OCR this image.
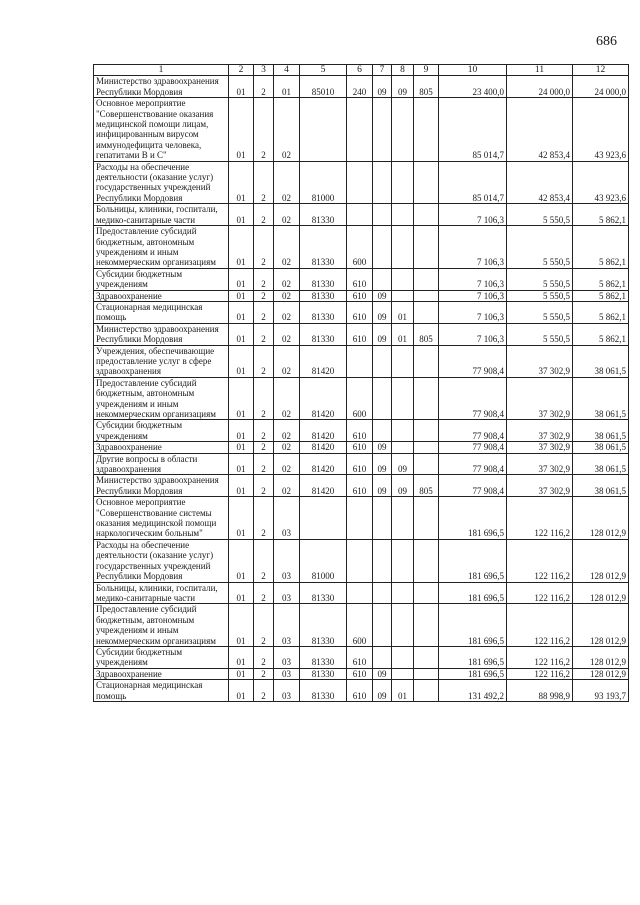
686
1	2	3	4	5	6	7	8	9	10	11	12
Министерство здравоохранения Республики Мордовия	01	2	01	85010	240	09	09	805	23 400,0	24 000,0	24 000,0
Основное мероприятие "Совершенствование оказания медицинской помощи лицам, инфицированным вирусом иммунодефицита человека, гепатитами В и С"	01	2	02						85 014,7	42 853,4	43 923,6
Расходы на обеспечение деятельности (оказание услуг) государственных учреждений Республики Мордовия	01	2	02	81000					85 014,7	42 853,4	43 923,6
Больницы, клиники, госпитали, медико-санитарные части	01	2	02	81330					7 106,3	5 550,5	5 862,1
Предоставление субсидий бюджетным, автономным учреждениям и иным некоммерческим организациям	01	2	02	81330	600				7 106,3	5 550,5	5 862,1
Субсидии бюджетным учреждениям	01	2	02	81330	610				7 106,3	5 550,5	5 862,1
Здравоохранение	01	2	02	81330	610	09			7 106,3	5 550,5	5 862,1
Стационарная медицинская помощь	01	2	02	81330	610	09	01		7 106,3	5 550,5	5 862,1
Министерство здравоохранения Республики Мордовия	01	2	02	81330	610	09	01	805	7 106,3	5 550,5	5 862,1
Учреждения, обеспечивающие предоставление услуг в сфере здравоохранения	01	2	02	81420					77 908,4	37 302,9	38 061,5
Предоставление субсидий бюджетным, автономным учреждениям и иным некоммерческим организациям	01	2	02	81420	600				77 908,4	37 302,9	38 061,5
Субсидии бюджетным учреждениям	01	2	02	81420	610				77 908,4	37 302,9	38 061,5
Здравоохранение	01	2	02	81420	610	09			77 908,4	37 302,9	38 061,5
Другие вопросы в области здравоохранения	01	2	02	81420	610	09	09		77 908,4	37 302,9	38 061,5
Министерство здравоохранения Республики Мордовия	01	2	02	81420	610	09	09	805	77 908,4	37 302,9	38 061,5
Основное мероприятие "Совершенствование системы оказания медицинской помощи наркологическим больным"	01	2	03						181 696,5	122 116,2	128 012,9
Расходы на обеспечение деятельности (оказание услуг) государственных учреждений Республики Мордовия	01	2	03	81000					181 696,5	122 116,2	128 012,9
Больницы, клиники, госпитали, медико-санитарные части	01	2	03	81330					181 696,5	122 116,2	128 012,9
Предоставление субсидий бюджетным, автономным учреждениям и иным некоммерческим организациям	01	2	03	81330	600				181 696,5	122 116,2	128 012,9
Субсидии бюджетным учреждениям	01	2	03	81330	610				181 696,5	122 116,2	128 012,9
Здравоохранение	01	2	03	81330	610	09			181 696,5	122 116,2	128 012,9
Стационарная медицинская помощь	01	2	03	81330	610	09	01		131 492,2	88 998,9	93 193,7
